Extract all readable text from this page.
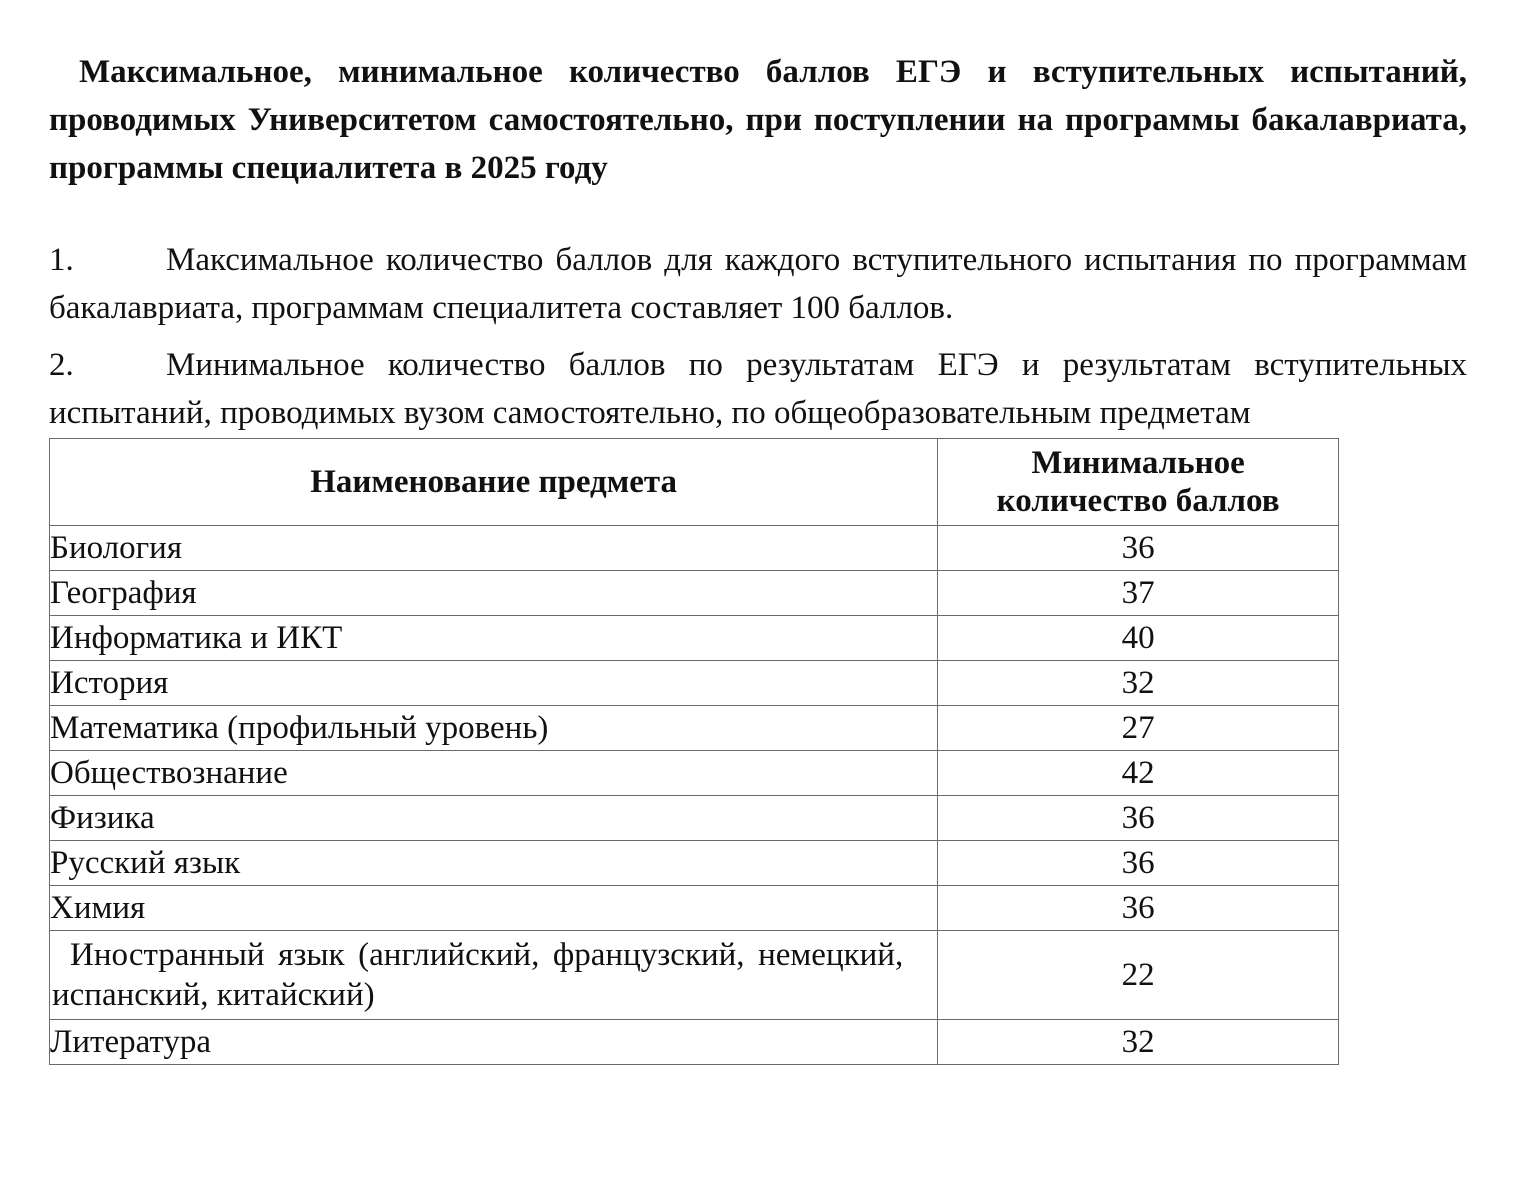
Максимальное, минимальное количество баллов ЕГЭ и вступительных испытаний, проводимых Университетом самостоятельно, при поступлении на программы бакалавриата, программы специалитета в 2025 году

1.	Максимальное количество баллов для каждого вступительного испытания по программам бакалавриата, программам специалитета составляет 100 баллов.

2.	Минимальное количество баллов по результатам ЕГЭ и результатам вступительных испытаний, проводимых вузом самостоятельно, по общеобразовательным предметам

Наименование предмета	Минимальное
количество баллов
Биология	36
География	37
Информатика и ИКТ	40
История	32
Математика (профильный уровень)	27
Обществознание	42
Физика	36
Русский язык	36
Химия	36
Иностранный язык (английский, французский, немецкий, испанский, китайский)	22
Литература	32
